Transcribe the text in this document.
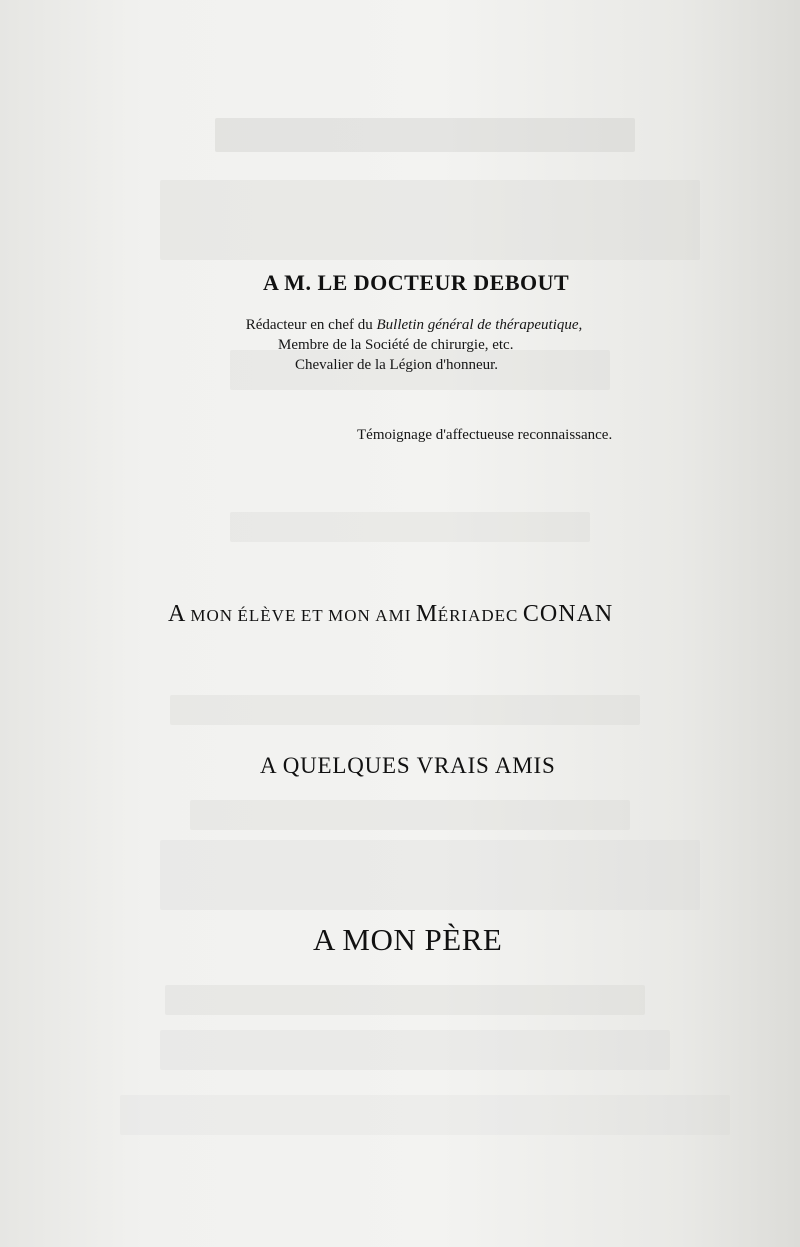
A M. LE DOCTEUR DEBOUT
Rédacteur en chef du Bulletin général de thérapeutique,
Membre de la Société de chirurgie, etc.
Chevalier de la Légion d'honneur.
Témoignage d'affectueuse reconnaissance.
A MON ÉLÈVE ET MON AMI MÉRIADEC CONAN
A QUELQUES VRAIS AMIS
A MON PÈRE
